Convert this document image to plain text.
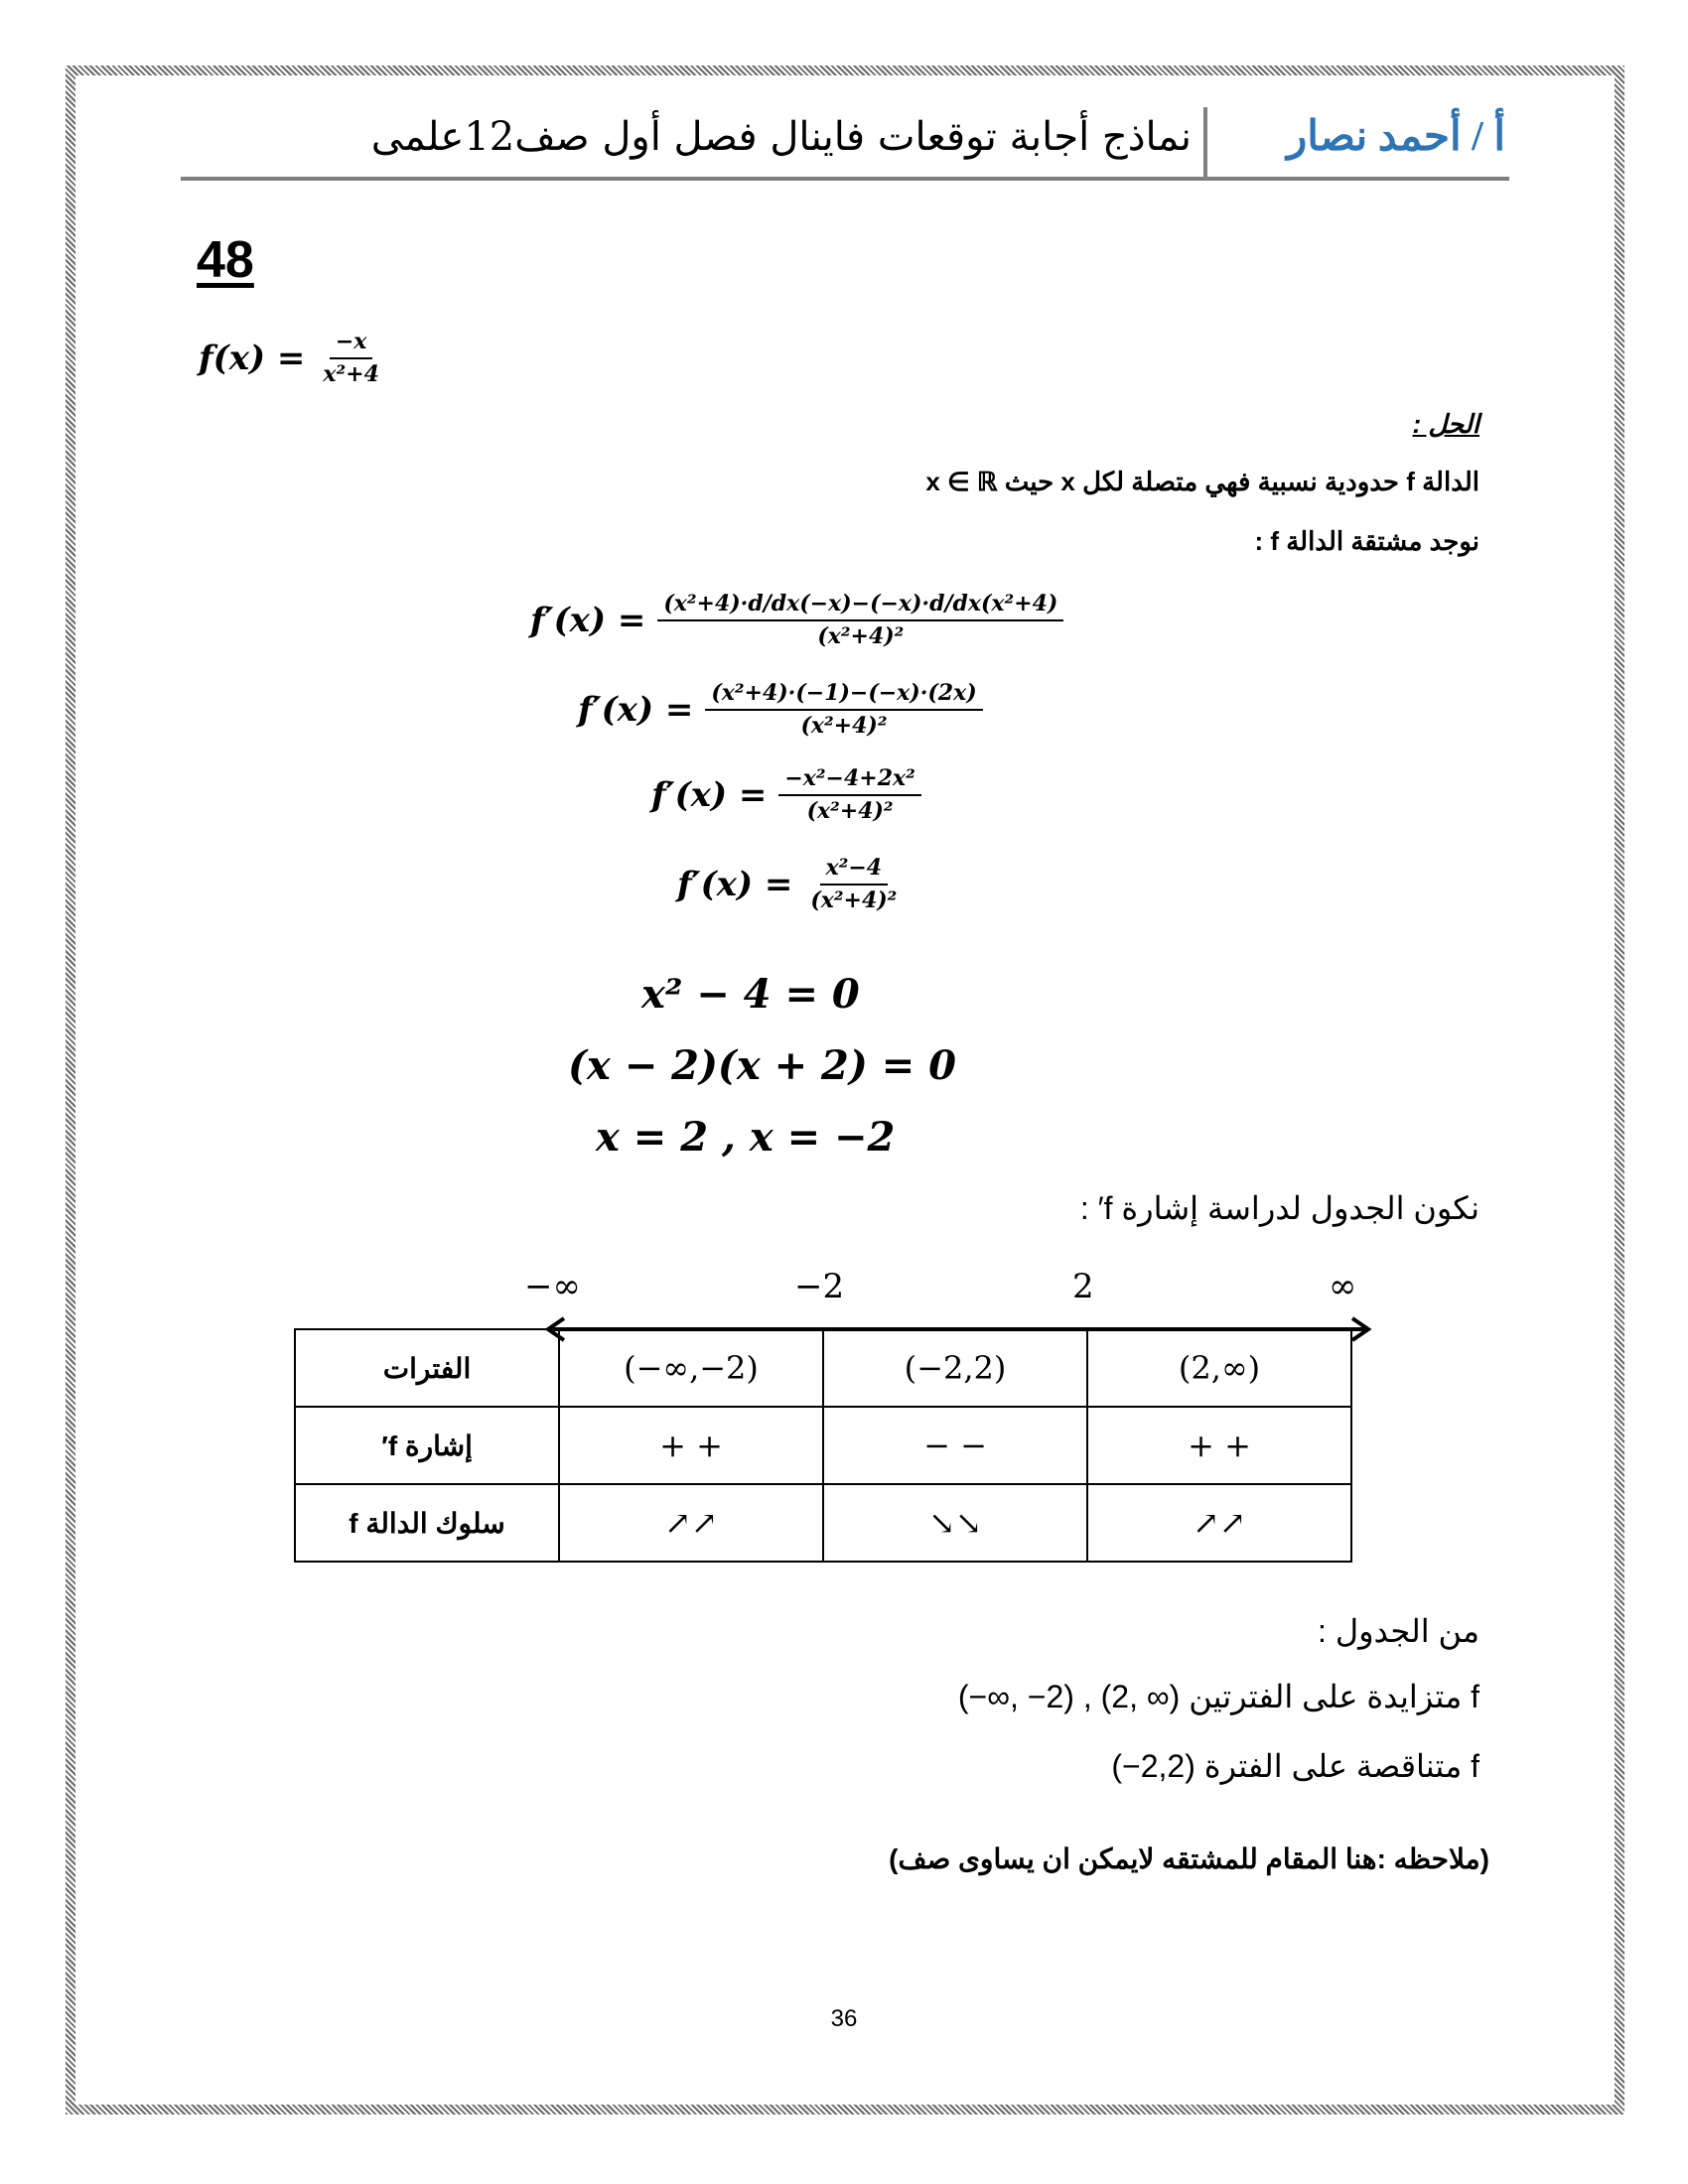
أ / أحمد نصار
نماذج أجابة توقعات فاينال فصل أول صف12علمى
48
$f(x) = \frac{-x}{\text{x²+4}}$
الحل :
الدالة f حدودية نسبية فهي متصلة لكل x حيث x ∈ ℝ
نوجد مشتقة الدالة f :
$f'(x) = \frac{\text{(x²+4)·d/dx(−x)−(−x)·d/dx(x²+4)}}{\text{(x²+4)²}}$
$f'(x) = \frac{\text{(x²+4)·(−1)−(−x)·(2x)}}{\text{(x²+4)²}}$
$f'(x) = \frac{\text{−x²−4+2x²}}{\text{(x²+4)²}}$
$f'(x) = \frac{\text{x²−4}}{\text{(x²+4)²}}$
x² − 4 = 0
(x − 2)(x + 2) = 0
x = 2 , x = −2
نكون الجدول لدراسة إشارة f′ :
−∞	−2	2	∞
الفترات	(−∞,−2)	(−2,2)	(2,∞)
إشارة f′	+ +	− −	+ +
سلوك الدالة f	↗↗	↘↘	↗↗
من الجدول :
f متزايدة على الفترتين (∞ ,2) , (2− ,∞−)
f متناقصة على الفترة (2,2−)
(ملاحظه :هنا المقام للمشتقه لايمكن ان يساوى صف)
36
